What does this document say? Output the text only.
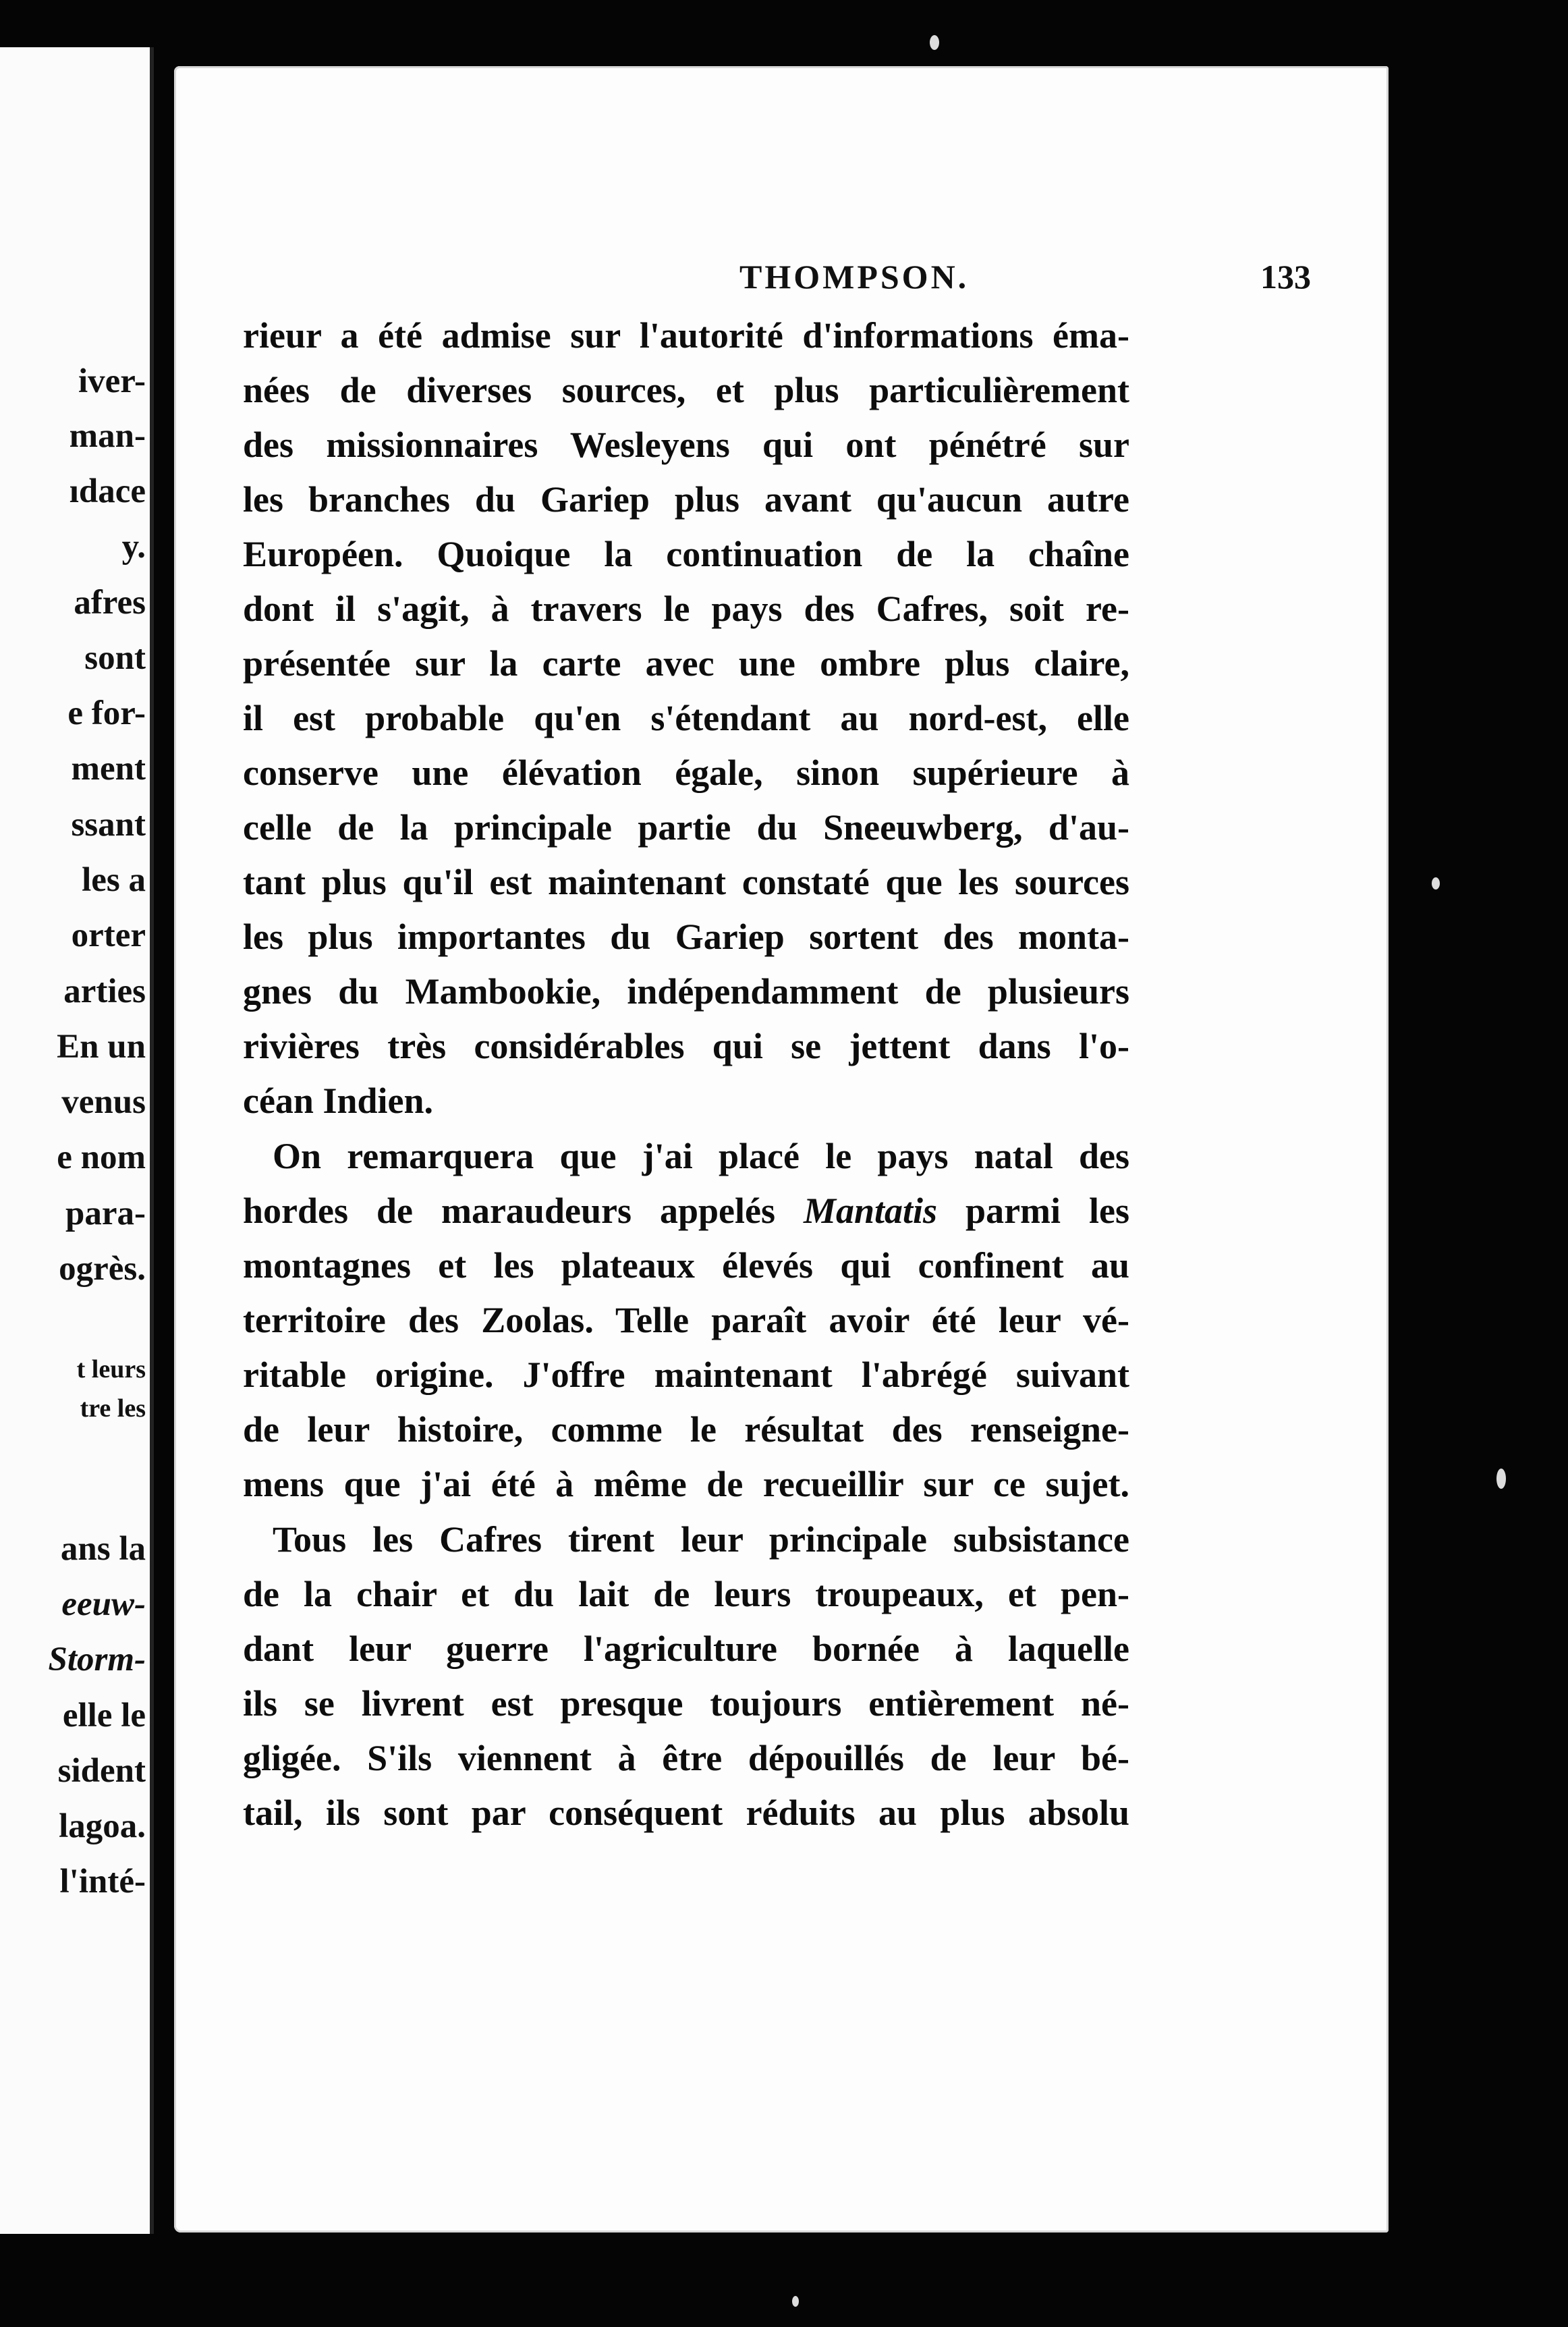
iver-
man-
ıdace
y.
afres
sont
e for-
ment
ssant
les a
orter
arties
En un
venus
e nom
para-
ogrès.
t leurs
tre les
ans la
eeuw-
Storm-
elle le
sident
lagoa.
l'inté-
THOMPSON.	133
rieur a été admise sur l'autorité d'informations éma-
nées de diverses sources, et plus particulièrement
des missionnaires Wesleyens qui ont pénétré sur
les branches du Gariep plus avant qu'aucun autre
Européen. Quoique la continuation de la chaîne
dont il s'agit, à travers le pays des Cafres, soit re-
présentée sur la carte avec une ombre plus claire,
il est probable qu'en s'étendant au nord-est, elle
conserve une élévation égale, sinon supérieure à
celle de la principale partie du Sneeuwberg, d'au-
tant plus qu'il est maintenant constaté que les sources
les plus importantes du Gariep sortent des monta-
gnes du Mambookie, indépendamment de plusieurs
rivières très considérables qui se jettent dans l'o-
céan Indien.
On remarquera que j'ai placé le pays natal des
hordes de maraudeurs appelés Mantatis parmi les
montagnes et les plateaux élevés qui confinent au
territoire des Zoolas. Telle paraît avoir été leur vé-
ritable origine. J'offre maintenant l'abrégé suivant
de leur histoire, comme le résultat des renseigne-
mens que j'ai été à même de recueillir sur ce sujet.
Tous les Cafres tirent leur principale subsistance
de la chair et du lait de leurs troupeaux, et pen-
dant leur guerre l'agriculture bornée à laquelle
ils se livrent est presque toujours entièrement né-
gligée. S'ils viennent à être dépouillés de leur bé-
tail, ils sont par conséquent réduits au plus absolu
